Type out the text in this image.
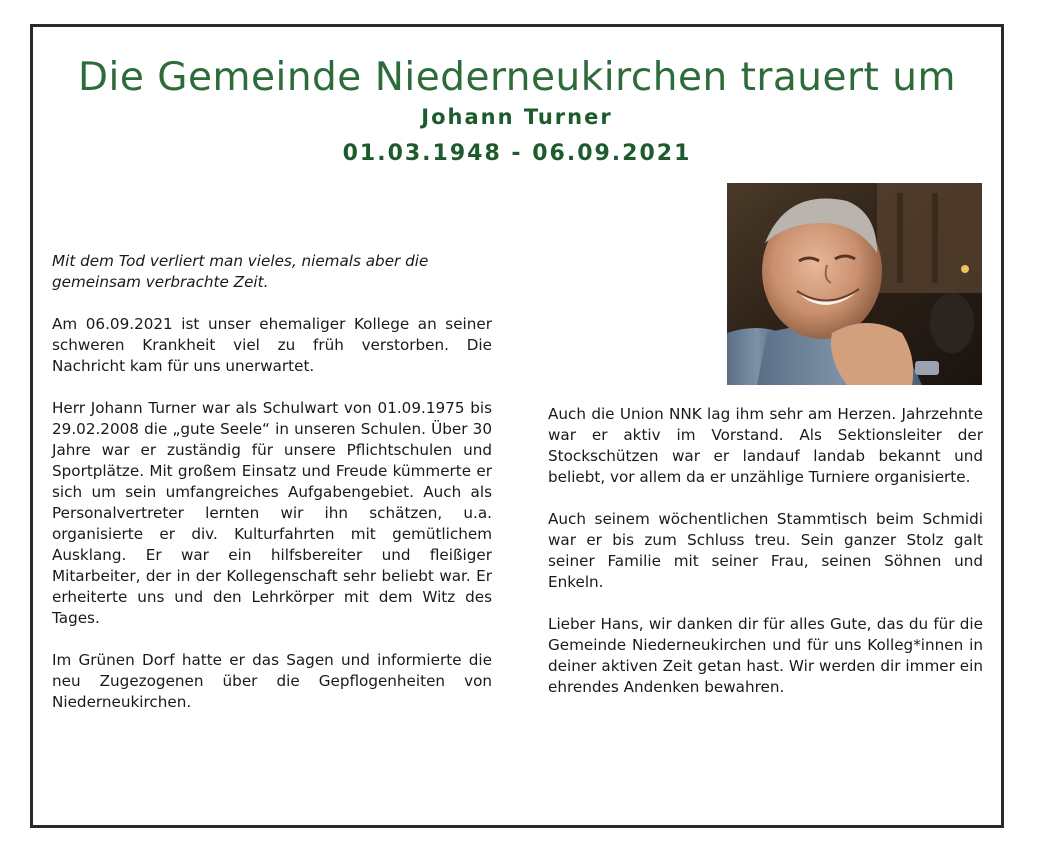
Die Gemeinde Niederneukirchen trauert um
Johann Turner
01.03.1948 - 06.09.2021

Mit dem Tod verliert man vieles, niemals aber die gemeinsam verbrachte Zeit.

Am 06.09.2021 ist unser ehemaliger Kollege an seiner schweren Krankheit viel zu früh verstorben. Die Nachricht kam für uns unerwartet.

Herr Johann Turner war als Schulwart von 01.09.1975 bis 29.02.2008 die „gute Seele“ in unseren Schulen. Über 30 Jahre war er zuständig für unsere Pflichtschulen und Sportplätze. Mit großem Einsatz und Freude kümmerte er sich um sein umfangreiches Aufgabengebiet. Auch als Personalvertreter lernten wir ihn schätzen, u.a. organisierte er div. Kulturfahrten mit gemütlichem Ausklang. Er war ein hilfsbereiter und fleißiger Mitarbeiter, der in der Kollegenschaft sehr beliebt war. Er erheiterte uns und den Lehrkörper mit dem Witz des Tages.

Im Grünen Dorf hatte er das Sagen und informierte die neu Zugezogenen über die Gepflogenheiten von Niederneukirchen.

Auch die Union NNK lag ihm sehr am Herzen. Jahrzehnte war er aktiv im Vorstand. Als Sektionsleiter der Stockschützen war er landauf landab bekannt und beliebt, vor allem da er unzählige Turniere organisierte.

Auch seinem wöchentlichen Stammtisch beim Schmidi war er bis zum Schluss treu. Sein ganzer Stolz galt seiner Familie mit seiner Frau, seinen Söhnen und Enkeln.

Lieber Hans, wir danken dir für alles Gute, das du für die Gemeinde Niederneukirchen und für uns Kolleg*innen in deiner aktiven Zeit getan hast. Wir werden dir immer ein ehrendes Andenken bewahren.
